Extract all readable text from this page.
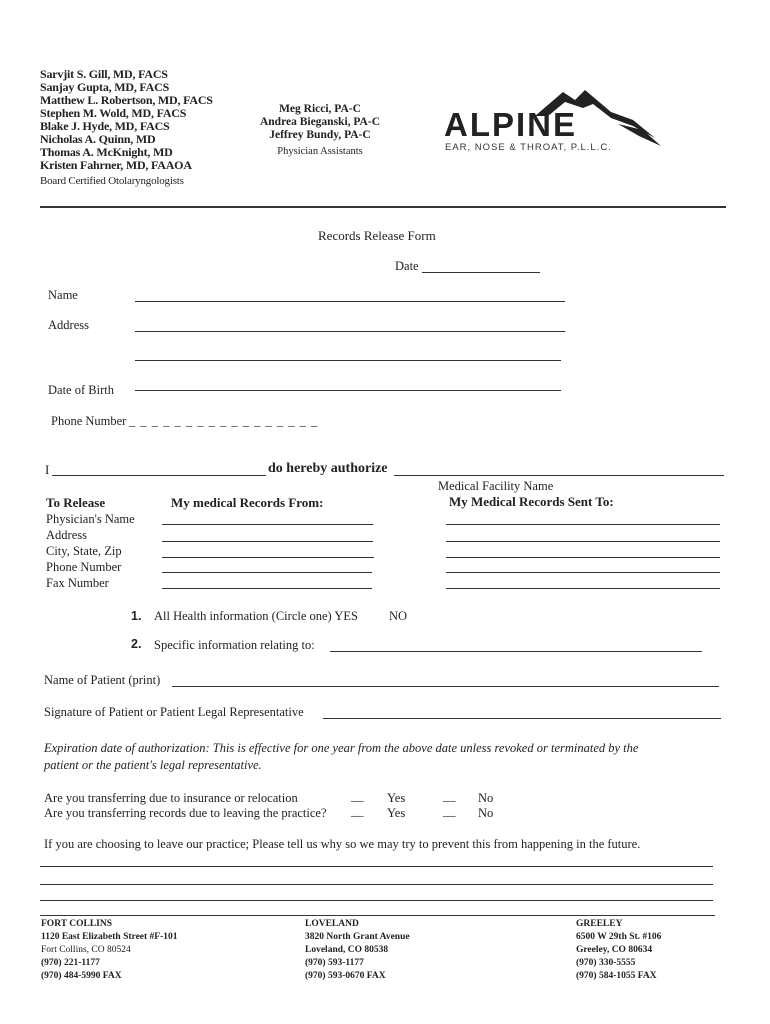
Sarvjit S. Gill, MD, FACS
Sanjay Gupta, MD, FACS
Matthew L. Robertson, MD, FACS
Stephen M. Wold, MD, FACS
Blake J. Hyde, MD, FACS
Nicholas A. Quinn, MD
Thomas A. McKnight, MD
Kristen Fahrner, MD, FAAOA
Board Certified Otolaryngologists
Meg Ricci, PA-C
Andrea Bieganski, PA-C
Jeffrey Bundy, PA-C
Physician Assistants
ALPINE
EAR, NOSE & THROAT, P.L.L.C.
Records Release Form
Date
Name
Address
Date of Birth
Phone Number _ _ _ _ _ _ _ _ _ _ _ _ _ _ _ _ _
I	do hereby authorize
Medical Facility Name
To Release	My medical Records From:	My Medical Records Sent To:
Physician's Name
Address
City, State, Zip
Phone Number
Fax Number
1. All Health information (Circle one) YES NO
2. Specific information relating to:
Name of Patient (print)
Signature of Patient or Patient Legal Representative
Expiration date of authorization: This is effective for one year from the above date unless revoked or terminated by the
patient or the patient's legal representative.
Are you transferring due to insurance or relocation	__ Yes	__ No
Are you transferring records due to leaving the practice? __ Yes	__ No
If you are choosing to leave our practice; Please tell us why so we may try to prevent this from happening in the future.
FORT COLLINS
1120 East Elizabeth Street #F-101
Fort Collins, CO 80524
(970) 221-1177
(970) 484-5990 FAX
LOVELAND
3820 North Grant Avenue
Loveland, CO 80538
(970) 593-1177
(970) 593-0670 FAX
GREELEY
6500 W 29th St. #106
Greeley, CO 80634
(970) 330-5555
(970) 584-1055 FAX
